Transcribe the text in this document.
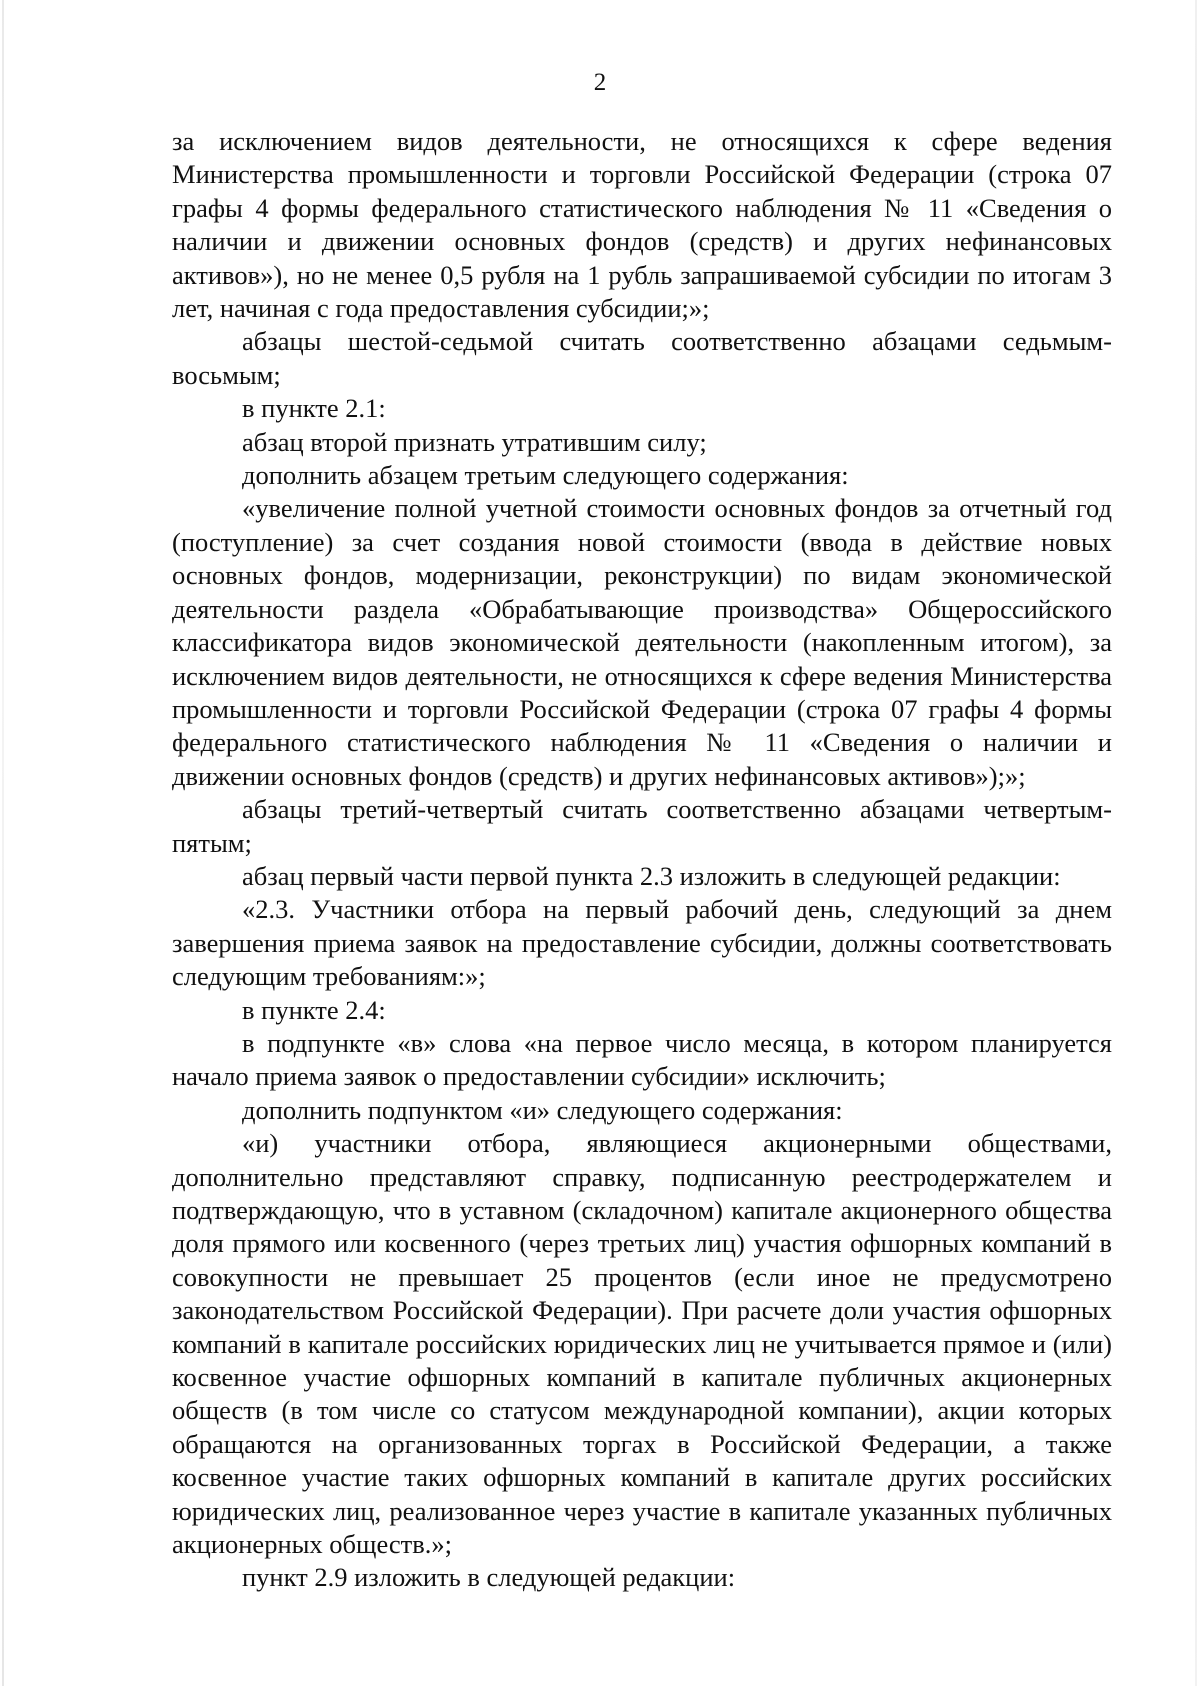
2

за исключением видов деятельности, не относящихся к сфере ведения Министерства промышленности и торговли Российской Федерации (строка 07 графы 4 формы федерального статистического наблюдения № 11 «Сведения о наличии и движении основных фондов (средств) и других нефинансовых активов»), но не менее 0,5 рубля на 1 рубль запрашиваемой субсидии по итогам 3 лет, начиная с года предоставления субсидии;»;

абзацы шестой-седьмой считать соответственно абзацами седьмым-восьмым;

в пункте 2.1:

абзац второй признать утратившим силу;

дополнить абзацем третьим следующего содержания:

«увеличение полной учетной стоимости основных фондов за отчетный год (поступление) за счет создания новой стоимости (ввода в действие новых основных фондов, модернизации, реконструкции) по видам экономической деятельности раздела «Обрабатывающие производства» Общероссийского классификатора видов экономической деятельности (накопленным итогом), за исключением видов деятельности, не относящихся к сфере ведения Министерства промышленности и торговли Российской Федерации (строка 07 графы 4 формы федерального статистического наблюдения № 11 «Сведения о наличии и движении основных фондов (средств) и других нефинансовых активов»);»;

абзацы третий-четвертый считать соответственно абзацами четвертым-пятым;

абзац первый части первой пункта 2.3 изложить в следующей редакции:

«2.3. Участники отбора на первый рабочий день, следующий за днем завершения приема заявок на предоставление субсидии, должны соответствовать следующим требованиям:»;

в пункте 2.4:

в подпункте «в» слова «на первое число месяца, в котором планируется начало приема заявок о предоставлении субсидии» исключить;

дополнить подпунктом «и» следующего содержания:

«и) участники отбора, являющиеся акционерными обществами, дополнительно представляют справку, подписанную реестродержателем и подтверждающую, что в уставном (складочном) капитале акционерного общества доля прямого или косвенного (через третьих лиц) участия офшорных компаний в совокупности не превышает 25 процентов (если иное не предусмотрено законодательством Российской Федерации). При расчете доли участия офшорных компаний в капитале российских юридических лиц не учитывается прямое и (или) косвенное участие офшорных компаний в капитале публичных акционерных обществ (в том числе со статусом международной компании), акции которых обращаются на организованных торгах в Российской Федерации, а также косвенное участие таких офшорных компаний в капитале других российских юридических лиц, реализованное через участие в капитале указанных публичных акционерных обществ.»;

пункт 2.9 изложить в следующей редакции:
